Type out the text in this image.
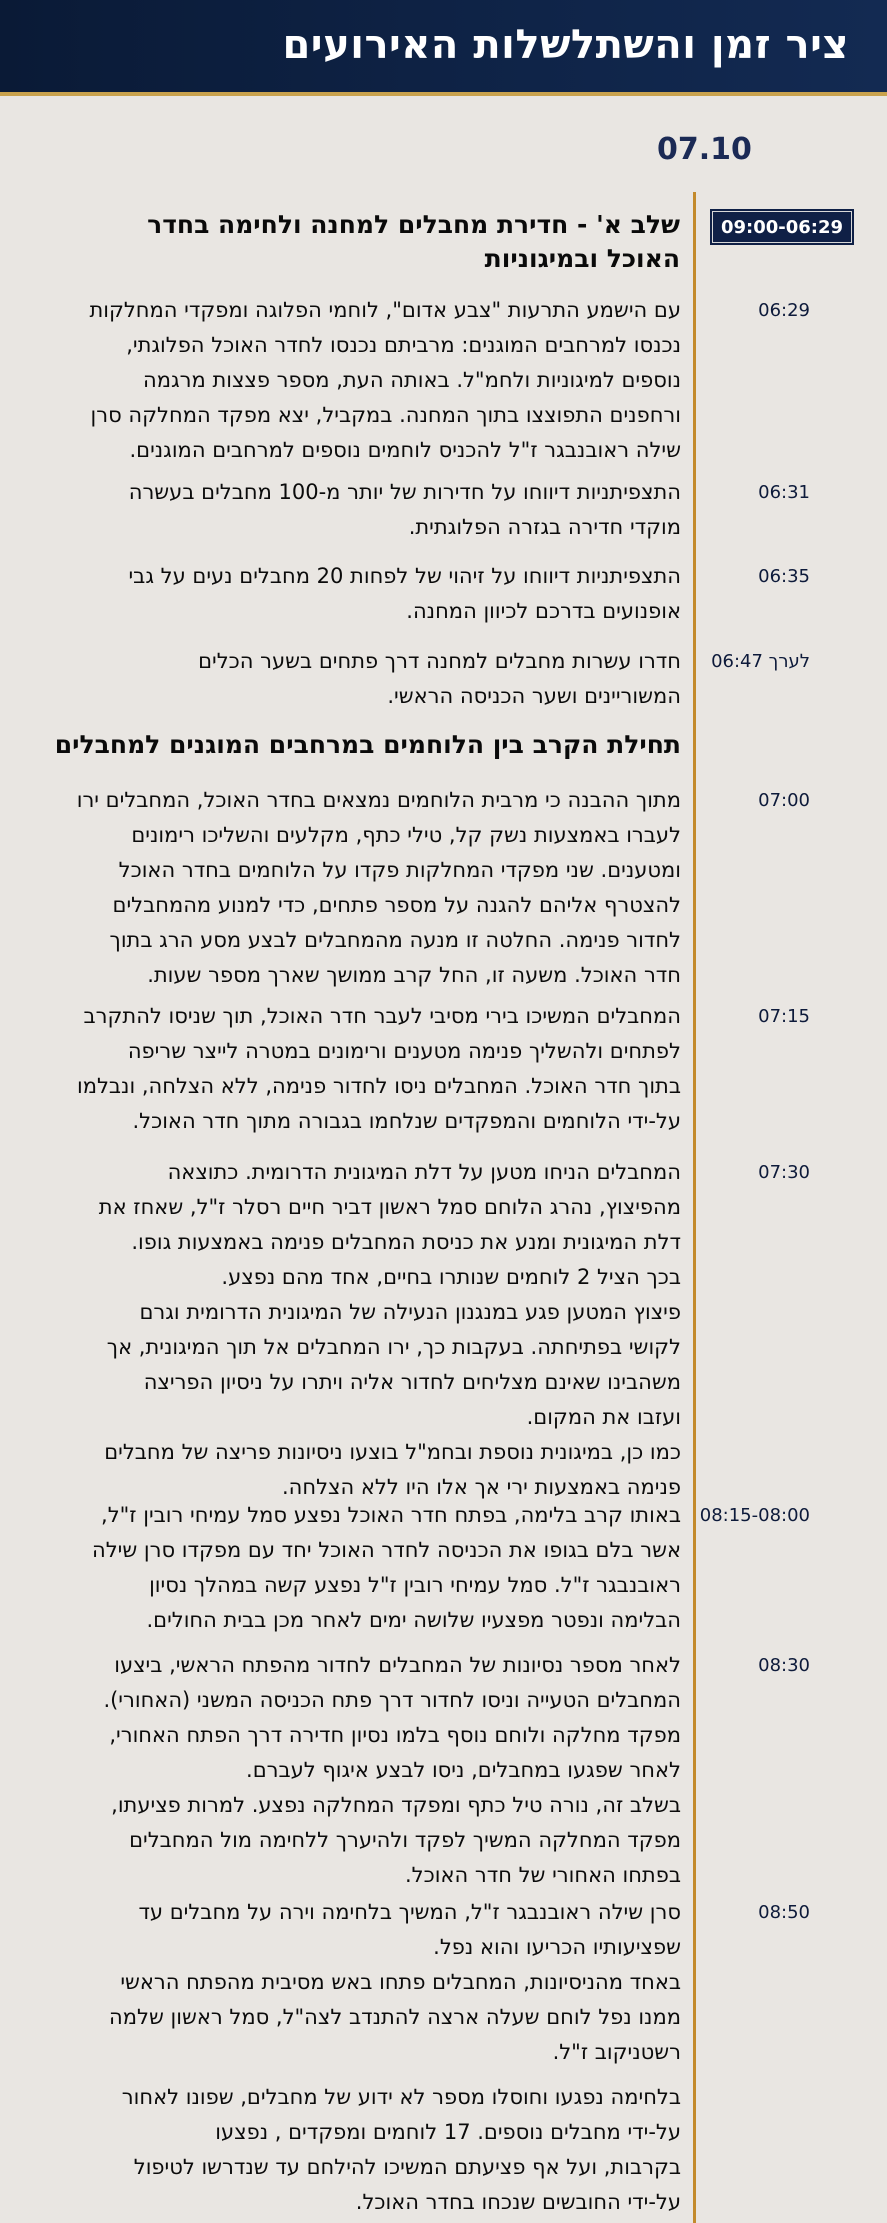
ציר זמן והשתלשלות האירועים
07.10
09:00-06:29
שלב א' - חדירת מחבלים למחנה ולחימה בחדר האוכל ובמיגוניות
תחילת הקרב בין הלוחמים במרחבים המוגנים למחבלים
06:29

עם הישמע התרעות "צבע אדום", לוחמי הפלוגה ומפקדי המחלקות

נכנסו למרחבים המוגנים: מרביתם נכנסו לחדר האוכל הפלוגתי,

נוספים למיגוניות ולחמ"ל. באותה העת, מספר פצצות מרגמה

ורחפנים התפוצצו בתוך המחנה. במקביל, יצא מפקד המחלקה סרן

שילה ראובנבגר ז"ל להכניס לוחמים נוספים למרחבים המוגנים.

06:31

התצפיתניות דיווחו על חדירות של יותר מ-100 מחבלים בעשרה

מוקדי חדירה בגזרה הפלוגתית.

06:35

התצפיתניות דיווחו על זיהוי של לפחות 20 מחבלים נעים על גבי

אופנועים בדרכם לכיוון המחנה.

06:47 לערך

חדרו עשרות מחבלים למחנה דרך פתחים בשער הכלים

המשוריינים ושער הכניסה הראשי.

07:00

מתוך ההבנה כי מרבית הלוחמים נמצאים בחדר האוכל, המחבלים ירו

לעברו באמצעות נשק קל, טילי כתף, מקלעים והשליכו רימונים

ומטענים. שני מפקדי המחלקות פקדו על הלוחמים בחדר האוכל

להצטרף אליהם להגנה על מספר פתחים, כדי למנוע מהמחבלים

לחדור פנימה. החלטה זו מנעה מהמחבלים לבצע מסע הרג בתוך

חדר האוכל. משעה זו, החל קרב ממושך שארך מספר שעות.

07:15

המחבלים המשיכו בירי מסיבי לעבר חדר האוכל, תוך שניסו להתקרב

לפתחים ולהשליך פנימה מטענים ורימונים במטרה לייצר שריפה

בתוך חדר האוכל. המחבלים ניסו לחדור פנימה, ללא הצלחה, ונבלמו

על-ידי הלוחמים והמפקדים שנלחמו בגבורה מתוך חדר האוכל.

07:30

המחבלים הניחו מטען על דלת המיגונית הדרומית. כתוצאה

מהפיצוץ, נהרג הלוחם סמל ראשון דביר חיים רסלר ז"ל, שאחז את

דלת המיגונית ומנע את כניסת המחבלים פנימה באמצעות גופו.

בכך הציל 2 לוחמים שנותרו בחיים, אחד מהם נפצע.

פיצוץ המטען פגע במנגנון הנעילה של המיגונית הדרומית וגרם

לקושי בפתיחתה. בעקבות כך, ירו המחבלים אל תוך המיגונית, אך

משהבינו שאינם מצליחים לחדור אליה ויתרו על ניסיון הפריצה

ועזבו את המקום.

כמו כן, במיגונית נוספת ובחמ"ל בוצעו ניסיונות פריצה של מחבלים

פנימה באמצעות ירי אך אלו היו ללא הצלחה.

08:15-08:00

באותו קרב בלימה, בפתח חדר האוכל נפצע סמל עמיחי רובין ז"ל,

אשר בלם בגופו את הכניסה לחדר האוכל יחד עם מפקדו סרן שילה

ראובנבגר ז"ל. סמל עמיחי רובין ז"ל נפצע קשה במהלך נסיון

הבלימה ונפטר מפצעיו שלושה ימים לאחר מכן בבית החולים.

08:30

לאחר מספר נסיונות של המחבלים לחדור מהפתח הראשי, ביצעו

המחבלים הטעייה וניסו לחדור דרך פתח הכניסה המשני (האחורי).

מפקד מחלקה ולוחם נוסף בלמו נסיון חדירה דרך הפתח האחורי,

לאחר שפגעו במחבלים, ניסו לבצע איגוף לעברם.

בשלב זה, נורה טיל כתף ומפקד המחלקה נפצע. למרות פציעתו,

מפקד המחלקה המשיך לפקד ולהיערך ללחימה מול המחבלים

בפתחו האחורי של חדר האוכל.

08:50

סרן שילה ראובנבגר ז"ל, המשיך בלחימה וירה על מחבלים עד

שפציעותיו הכריעו והוא נפל.

באחד מהניסיונות, המחבלים פתחו באש מסיבית מהפתח הראשי

ממנו נפל לוחם שעלה ארצה להתנדב לצה"ל, סמל ראשון שלמה

רשטניקוב ז"ל.

בלחימה נפגעו וחוסלו מספר לא ידוע של מחבלים, שפונו לאחור

על-ידי מחבלים נוספים. 17 לוחמים ומפקדים , נפצעו

בקרבות, ועל אף פציעתם המשיכו להילחם עד שנדרשו לטיפול

על-ידי החובשים שנכחו בחדר האוכל.
